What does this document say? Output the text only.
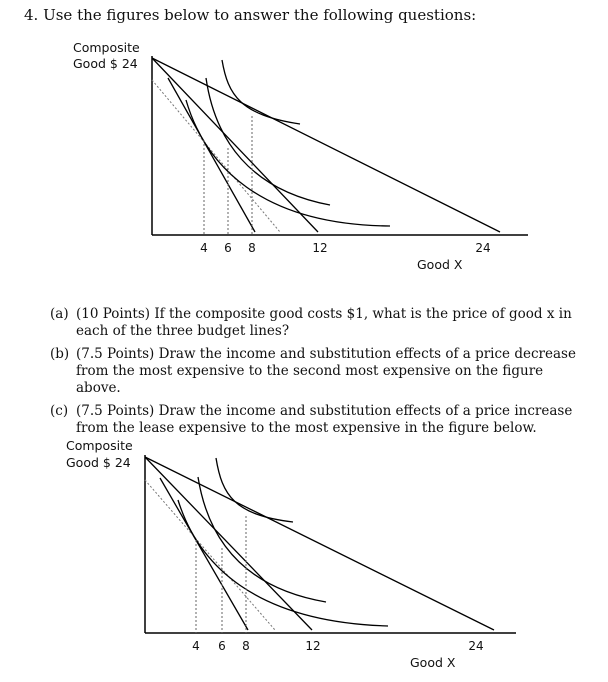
4. Use the figures below to answer the following questions:
Composite
Good $ 24
4 6 8	12	24
Good X
(a) (10 Points) If the composite good costs $1, what is the price of good x in each of the three budget lines?
(b) (7.5 Points) Draw the income and substitution effects of a price decrease from the most expensive to the second most expensive on the figure above.
(c) (7.5 Points) Draw the income and substitution effects of a price increase from the lease expensive to the most expensive in the figure below.
Composite
Good $ 24
4 6 8	12	24
Good X
